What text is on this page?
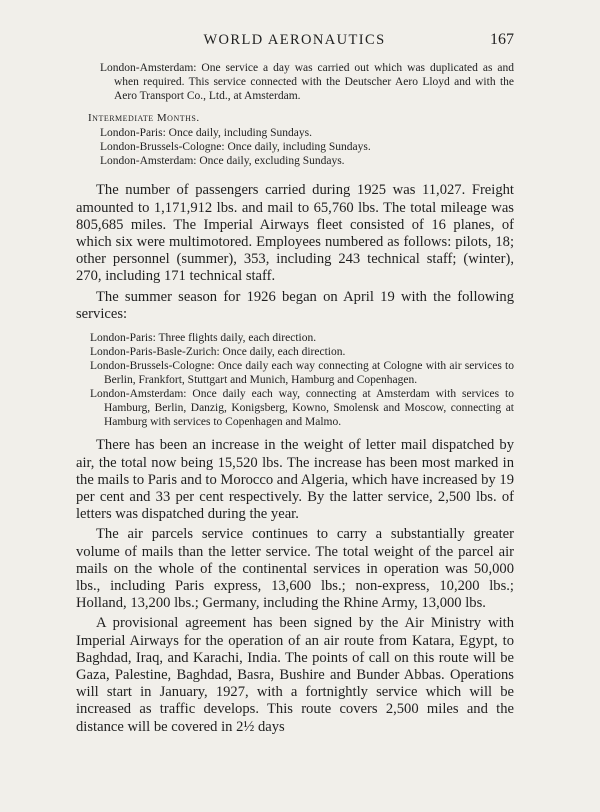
WORLD AERONAUTICS	167

London-Amsterdam: One service a day was carried out which was duplicated as and when required. This service connected with the Deutscher Aero Lloyd and with the Aero Transport Co., Ltd., at Amsterdam.

Intermediate Months.

London-Paris: Once daily, including Sundays.

London-Brussels-Cologne: Once daily, including Sundays.

London-Amsterdam: Once daily, excluding Sundays.

The number of passengers carried during 1925 was 11,027. Freight amounted to 1,171,912 lbs. and mail to 65,760 lbs. The total mileage was 805,685 miles. The Imperial Airways fleet consisted of 16 planes, of which six were multimotored. Employees numbered as follows: pilots, 18; other personnel (summer), 353, including 243 technical staff; (winter), 270, including 171 technical staff.

The summer season for 1926 began on April 19 with the following services:

London-Paris: Three flights daily, each direction.

London-Paris-Basle-Zurich: Once daily, each direction.

London-Brussels-Cologne: Once daily each way connecting at Cologne with air services to Berlin, Frankfort, Stuttgart and Munich, Hamburg and Copenhagen.

London-Amsterdam: Once daily each way, connecting at Amsterdam with services to Hamburg, Berlin, Danzig, Konigsberg, Kowno, Smolensk and Moscow, connecting at Hamburg with services to Copenhagen and Malmo.

There has been an increase in the weight of letter mail dispatched by air, the total now being 15,520 lbs. The increase has been most marked in the mails to Paris and to Morocco and Algeria, which have increased by 19 per cent and 33 per cent respectively. By the latter service, 2,500 lbs. of letters was dispatched during the year.

The air parcels service continues to carry a substantially greater volume of mails than the letter service. The total weight of the parcel air mails on the whole of the continental services in operation was 50,000 lbs., including Paris express, 13,600 lbs.; non-express, 10,200 lbs.; Holland, 13,200 lbs.; Germany, including the Rhine Army, 13,000 lbs.

A provisional agreement has been signed by the Air Ministry with Imperial Airways for the operation of an air route from Katara, Egypt, to Baghdad, Iraq, and Karachi, India. The points of call on this route will be Gaza, Palestine, Baghdad, Basra, Bushire and Bunder Abbas. Operations will start in January, 1927, with a fortnightly service which will be increased as traffic develops. This route covers 2,500 miles and the distance will be covered in 2½ days
